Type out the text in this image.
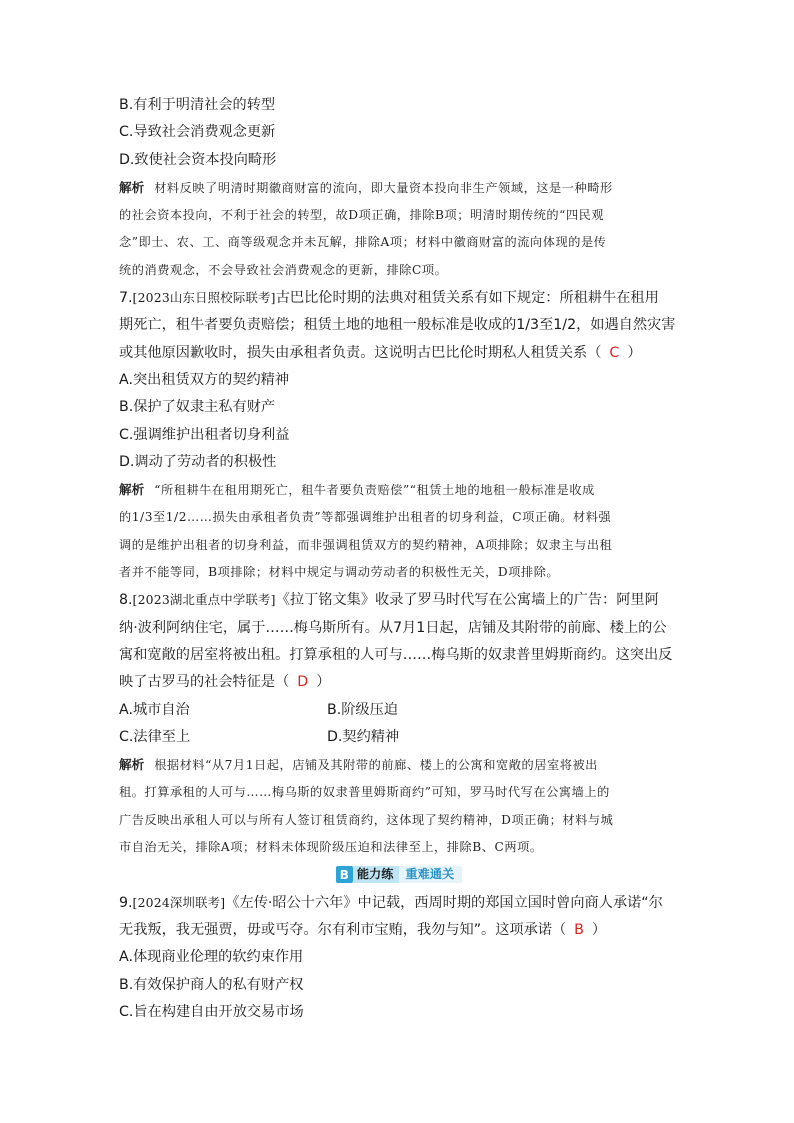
B.有利于明清社会的转型
C.导致社会消费观念更新
D.致使社会资本投向畸形
解析 材料反映了明清时期徽商财富的流向，即大量资本投向非生产领域，这是一种畸形
的社会资本投向，不利于社会的转型，故D项正确，排除B项；明清时期传统的“四民观
念”即士、农、工、商等级观念并未瓦解，排除A项；材料中徽商财富的流向体现的是传
统的消费观念，不会导致社会消费观念的更新，排除C项。
7.[2023山东日照校际联考]古巴比伦时期的法典对租赁关系有如下规定：所租耕牛在租用
期死亡，租牛者要负责赔偿；租赁土地的地租一般标准是收成的1/3至1/2，如遇自然灾害
或其他原因歉收时，损失由承租者负责。这说明古巴比伦时期私人租赁关系（ C ）
A.突出租赁双方的契约精神
B.保护了奴隶主私有财产
C.强调维护出租者切身利益
D.调动了劳动者的积极性
解析 “所租耕牛在租用期死亡，租牛者要负责赔偿”“租赁土地的地租一般标准是收成
的1/3至1/2……损失由承租者负责”等都强调维护出租者的切身利益，C项正确。材料强
调的是维护出租者的切身利益，而非强调租赁双方的契约精神，A项排除；奴隶主与出租
者并不能等同，B项排除；材料中规定与调动劳动者的积极性无关，D项排除。
8.[2023湖北重点中学联考]《拉丁铭文集》收录了罗马时代写在公寓墙上的广告：阿里阿
纳·波利阿纳住宅，属于……梅乌斯所有。从7月1日起，店铺及其附带的前廊、楼上的公
寓和宽敞的居室将被出租。打算承租的人可与……梅乌斯的奴隶普里姆斯商约。这突出反
映了古罗马的社会特征是（ D ）
A.城市自治	B.阶级压迫
C.法律至上	D.契约精神
解析 根据材料“从7月1日起，店铺及其附带的前廊、楼上的公寓和宽敞的居室将被出
租。打算承租的人可与……梅乌斯的奴隶普里姆斯商约”可知，罗马时代写在公寓墙上的
广告反映出承租人可以与所有人签订租赁商约，这体现了契约精神，D项正确；材料与城
市自治无关，排除A项；材料未体现阶级压迫和法律至上，排除B、C两项。
B 能力练 重难通关
9.[2024深圳联考]《左传·昭公十六年》中记载，西周时期的郑国立国时曾向商人承诺“尔
无我叛，我无强贾，毋或丐夺。尔有利市宝贿，我勿与知”。这项承诺（ B ）
A.体现商业伦理的软约束作用
B.有效保护商人的私有财产权
C.旨在构建自由开放交易市场
